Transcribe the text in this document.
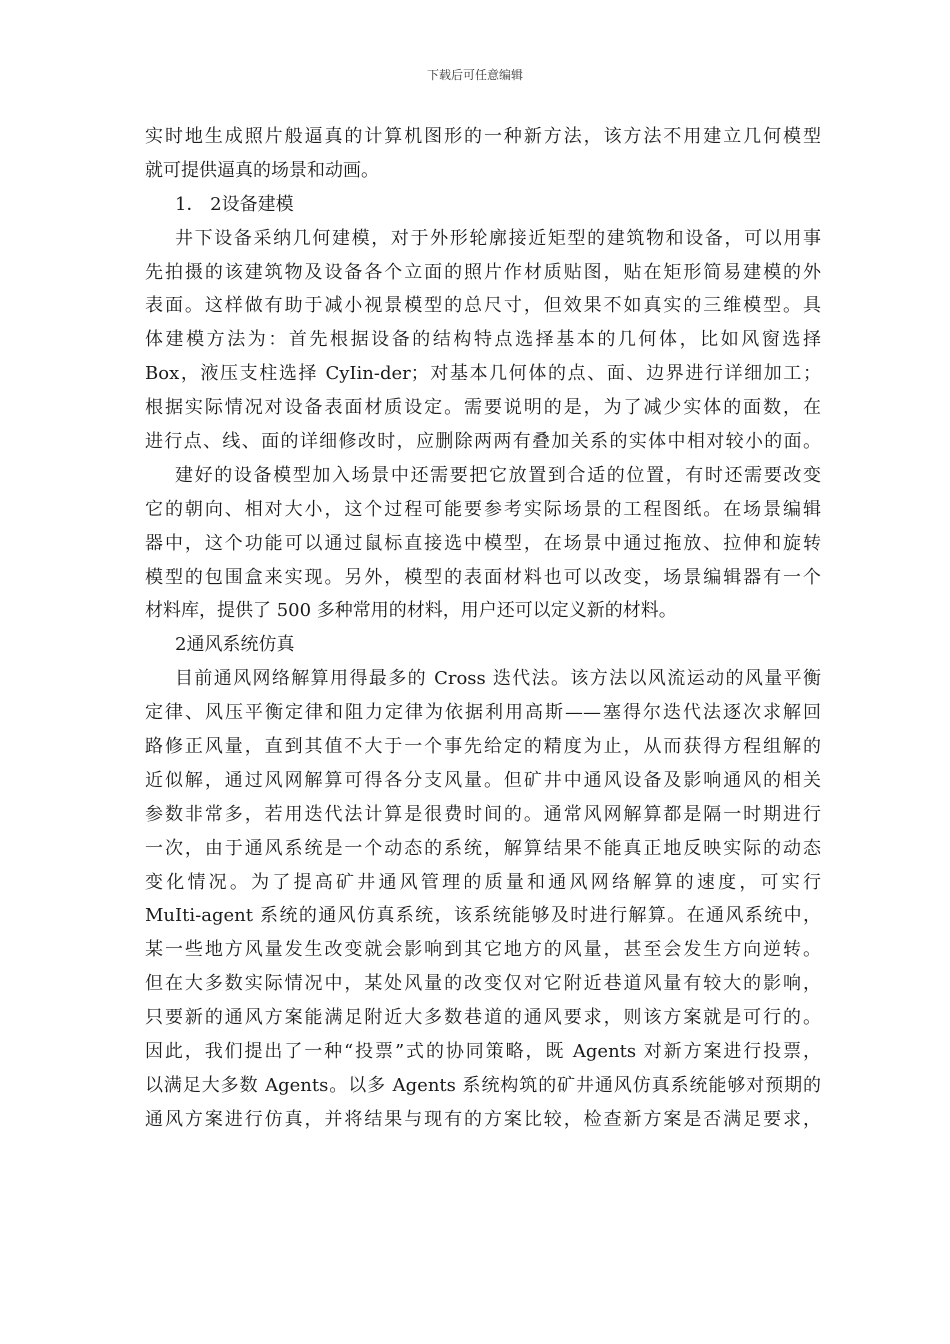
下载后可任意编辑
实时地生成照片般逼真的计算机图形的一种新方法，该方法不用建立几何模型
就可提供逼真的场景和动画。
1． 2设备建模
井下设备采纳几何建模，对于外形轮廓接近矩型的建筑物和设备，可以用事
先拍摄的该建筑物及设备各个立面的照片作材质贴图，贴在矩形简易建模的外
表面。这样做有助于减小视景模型的总尺寸，但效果不如真实的三维模型。具
体建模方法为：首先根据设备的结构特点选择基本的几何体，比如风窗选择
Box，液压支柱选择 CyIin-der；对基本几何体的点、面、边界进行详细加工；
根据实际情况对设备表面材质设定。需要说明的是，为了减少实体的面数，在
进行点、线、面的详细修改时，应删除两两有叠加关系的实体中相对较小的面。
建好的设备模型加入场景中还需要把它放置到合适的位置，有时还需要改变
它的朝向、相对大小，这个过程可能要参考实际场景的工程图纸。在场景编辑
器中，这个功能可以通过鼠标直接选中模型，在场景中通过拖放、拉伸和旋转
模型的包围盒来实现。另外，模型的表面材料也可以改变，场景编辑器有一个
材料库，提供了 500 多种常用的材料，用户还可以定义新的材料。
2通风系统仿真
目前通风网络解算用得最多的 Cross 迭代法。该方法以风流运动的风量平衡
定律、风压平衡定律和阻力定律为依据利用高斯——塞得尔迭代法逐次求解回
路修正风量，直到其值不大于一个事先给定的精度为止，从而获得方程组解的
近似解，通过风网解算可得各分支风量。但矿井中通风设备及影响通风的相关
参数非常多，若用迭代法计算是很费时间的。通常风网解算都是隔一时期进行
一次，由于通风系统是一个动态的系统，解算结果不能真正地反映实际的动态
变化情况。为了提高矿井通风管理的质量和通风网络解算的速度，可实行
MuIti-agent 系统的通风仿真系统，该系统能够及时进行解算。在通风系统中，
某一些地方风量发生改变就会影响到其它地方的风量，甚至会发生方向逆转。
但在大多数实际情况中，某处风量的改变仅对它附近巷道风量有较大的影响，
只要新的通风方案能满足附近大多数巷道的通风要求，则该方案就是可行的。
因此，我们提出了一种“投票”式的协同策略，既 Agents 对新方案进行投票，
以满足大多数 Agents。以多 Agents 系统构筑的矿井通风仿真系统能够对预期的
通风方案进行仿真，并将结果与现有的方案比较，检查新方案是否满足要求，
